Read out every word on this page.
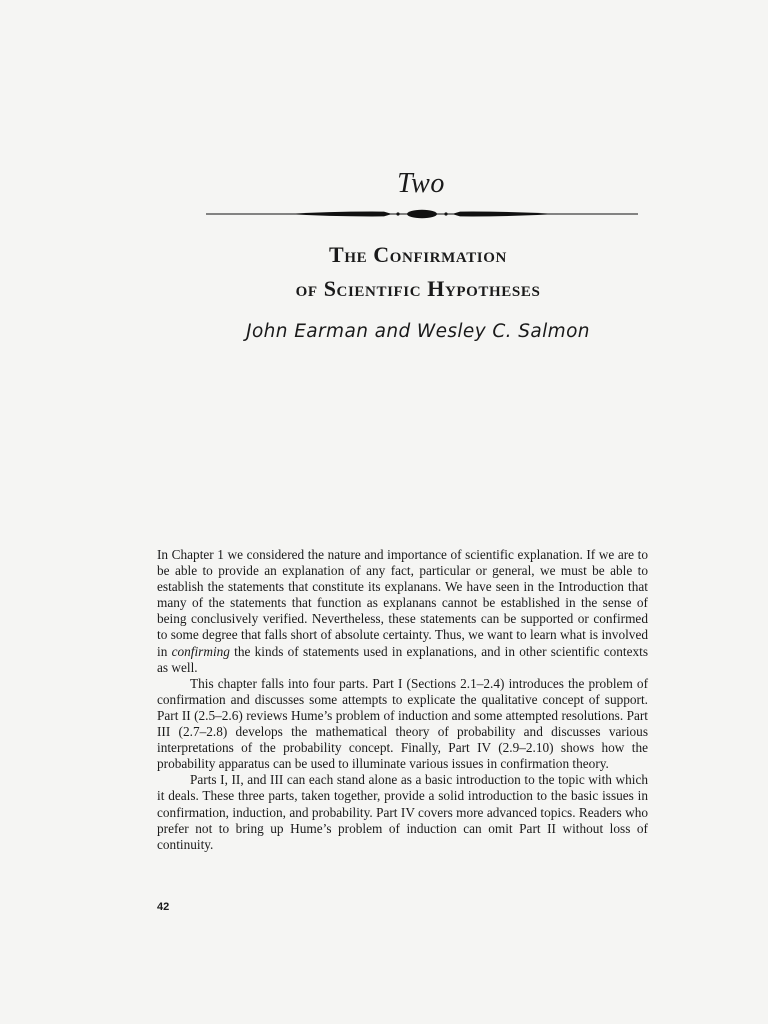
Two
The Confirmation
of Scientific Hypotheses
John Earman and Wesley C. Salmon

In Chapter 1 we considered the nature and importance of scientific explanation. If we are to be able to provide an explanation of any fact, particular or general, we must be able to establish the statements that constitute its explanans. We have seen in the Introduction that many of the statements that function as explanans cannot be established in the sense of being conclusively verified. Nevertheless, these statements can be supported or confirmed to some degree that falls short of absolute certainty. Thus, we want to learn what is involved in confirming the kinds of statements used in explanations, and in other scientific contexts as well.

This chapter falls into four parts. Part I (Sections 2.1–2.4) introduces the problem of confirmation and discusses some attempts to explicate the qualitative concept of support. Part II (2.5–2.6) reviews Hume’s problem of induction and some attempted resolutions. Part III (2.7–2.8) develops the mathematical theory of probability and discusses various interpretations of the probability concept. Finally, Part IV (2.9–2.10) shows how the probability apparatus can be used to illuminate various issues in confirmation theory.

Parts I, II, and III can each stand alone as a basic introduction to the topic with which it deals. These three parts, taken together, provide a solid introduction to the basic issues in confirmation, induction, and probability. Part IV covers more advanced topics. Readers who prefer not to bring up Hume’s problem of induction can omit Part II without loss of continuity.

42
